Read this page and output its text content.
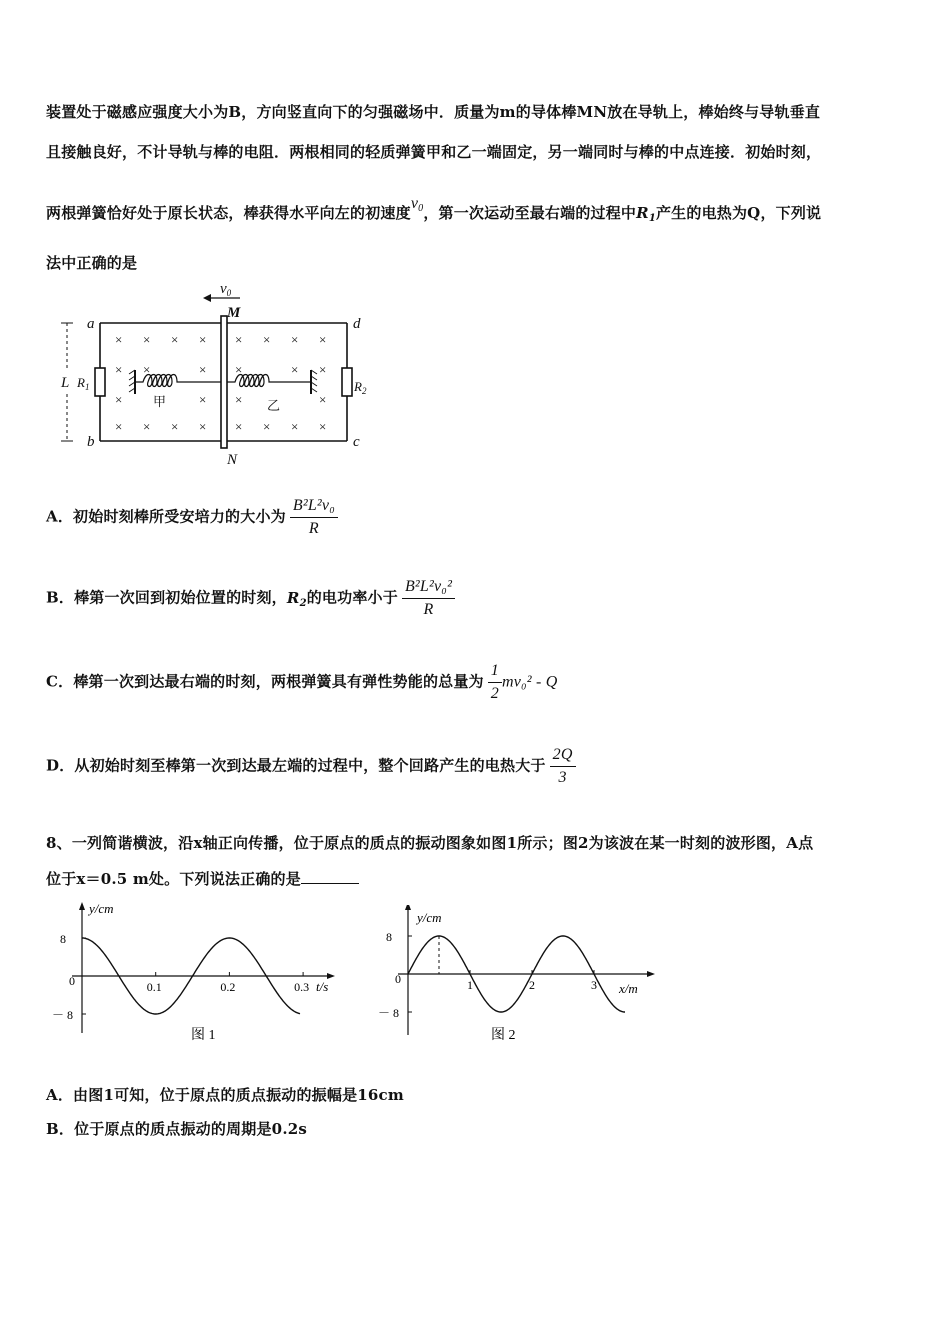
装置处于磁感应强度大小为B，方向竖直向下的匀强磁场中．质量为m的导体棒MN放在导轨上，棒始终与导轨垂直
且接触良好，不计导轨与棒的电阻．两根相同的轻质弹簧甲和乙一端固定，另一端同时与棒的中点连接．初始时刻，
两根弹簧恰好处于原长状态，棒获得水平向左的初速度$v_0$，第一次运动至最右端的过程中$R_1$产生的电热为Q，下列说
法中正确的是
× × × × × × × ×
× ×	× ×	× ×
×	× ×	×
× × × × × × × ×
$v_0$
M
N
a
b	c
d
L $R_1$	$R_2$
甲	乙
A．初始时刻棒所受安培力的大小为 $\frac{\text{B²L²v₀}}{R}$
B．棒第一次回到初始位置的时刻，$R_2$的电功率小于 $\frac{\text{B²L²v₀²}}{R}$
C．棒第一次到达最右端的时刻，两根弹簧具有弹性势能的总量为 $\frac{1}{2} mv_0^2$ - Q
D．从初始时刻至棒第一次到达最左端的过程中，整个回路产生的电热大于 $\frac{2Q}{3}$
8、一列简谐横波，沿x轴正向传播，位于原点的质点的振动图象如图1所示；图2为该波在某一时刻的波形图，A点
位于x＝0.5 m处。下列说法正确的是
8
0
－ 8
0.1	0.2	0.3 t/s
y/cm
图 1
8
0
－ 8
1	2	3 x/m
y/cm
图 2
A．由图1可知，位于原点的质点振动的振幅是16cm
B．位于原点的质点振动的周期是0.2s
